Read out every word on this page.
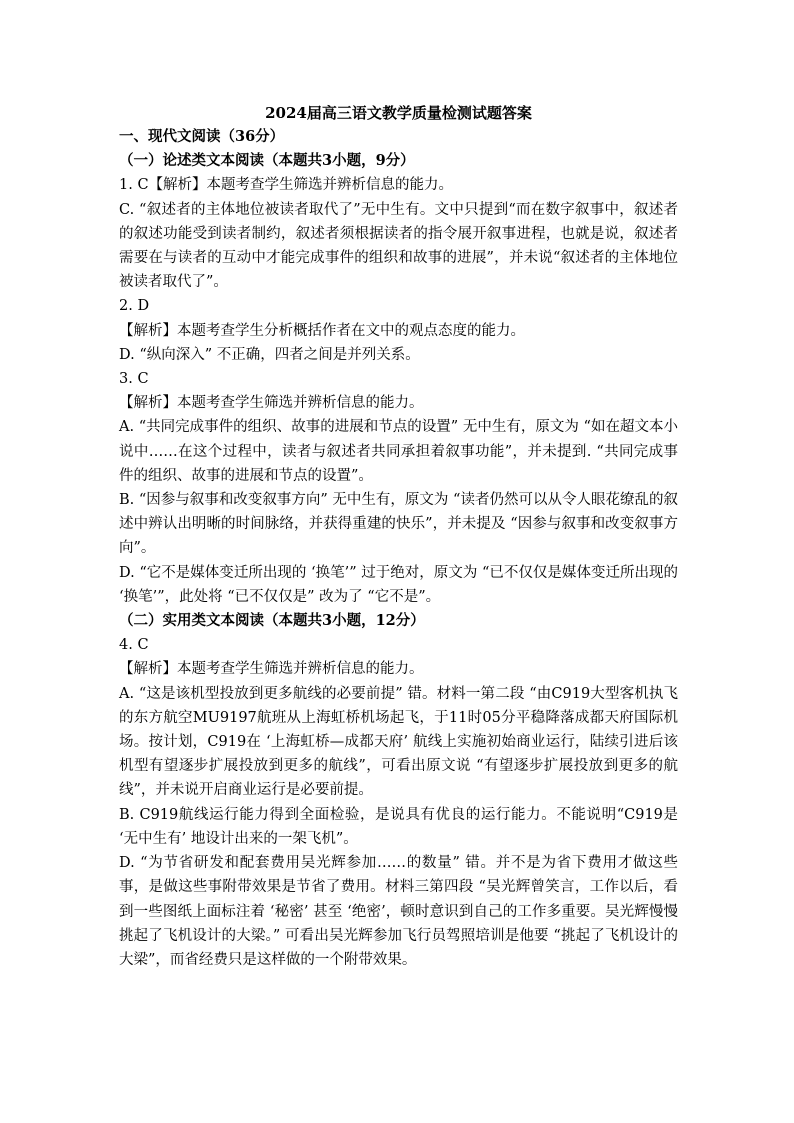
2024届高三语文教学质量检测试题答案

一、现代文阅读（36分）

（一）论述类文本阅读（本题共3小题，9分）

1. C【解析】本题考查学生筛选并辨析信息的能力。

C. “叙述者的主体地位被读者取代了”无中生有。文中只提到“而在数字叙事中，叙述者的叙述功能受到读者制约，叙述者须根据读者的指令展开叙事进程，也就是说，叙述者需要在与读者的互动中才能完成事件的组织和故事的进展”，并未说“叙述者的主体地位被读者取代了”。

2. D

【解析】本题考查学生分析概括作者在文中的观点态度的能力。

D. “纵向深入” 不正确，四者之间是并列关系。

3. C

【解析】本题考查学生筛选并辨析信息的能力。

A. “共同完成事件的组织、故事的进展和节点的设置” 无中生有，原文为 “如在超文本小说中……在这个过程中，读者与叙述者共同承担着叙事功能”，并未提到. “共同完成事件的组织、故事的进展和节点的设置”。

B. “因参与叙事和改变叙事方向” 无中生有，原文为 “读者仍然可以从令人眼花缭乱的叙述中辨认出明晰的时间脉络，并获得重建的快乐”，并未提及 “因参与叙事和改变叙事方向”。

D. “它不是媒体变迁所出现的 ‘换笔’” 过于绝对，原文为 “已不仅仅是媒体变迁所出现的 ‘换笔’”，此处将 “已不仅仅是” 改为了 “它不是”。

（二）实用类文本阅读（本题共3小题，12分）

4. C

【解析】本题考查学生筛选并辨析信息的能力。

A. “这是该机型投放到更多航线的必要前提” 错。材料一第二段 “由C919大型客机执飞的东方航空MU9197航班从上海虹桥机场起飞，于11时05分平稳降落成都天府国际机场。按计划，C919在 ‘上海虹桥—成都天府’ 航线上实施初始商业运行，陆续引进后该机型有望逐步扩展投放到更多的航线”，可看出原文说 “有望逐步扩展投放到更多的航线”，并未说开启商业运行是必要前提。

B. C919航线运行能力得到全面检验，是说具有优良的运行能力。不能说明“C919是 ‘无中生有’ 地设计出来的一架飞机”。

D. “为节省研发和配套费用吴光辉参加……的数量” 错。并不是为省下费用才做这些事，是做这些事附带效果是节省了费用。材料三第四段 “吴光辉曾笑言，工作以后，看到一些图纸上面标注着 ‘秘密’ 甚至 ‘绝密’，顿时意识到自己的工作多重要。吴光辉慢慢挑起了飞机设计的大梁。” 可看出吴光辉参加飞行员驾照培训是他要 “挑起了飞机设计的大梁”，而省经费只是这样做的一个附带效果。
